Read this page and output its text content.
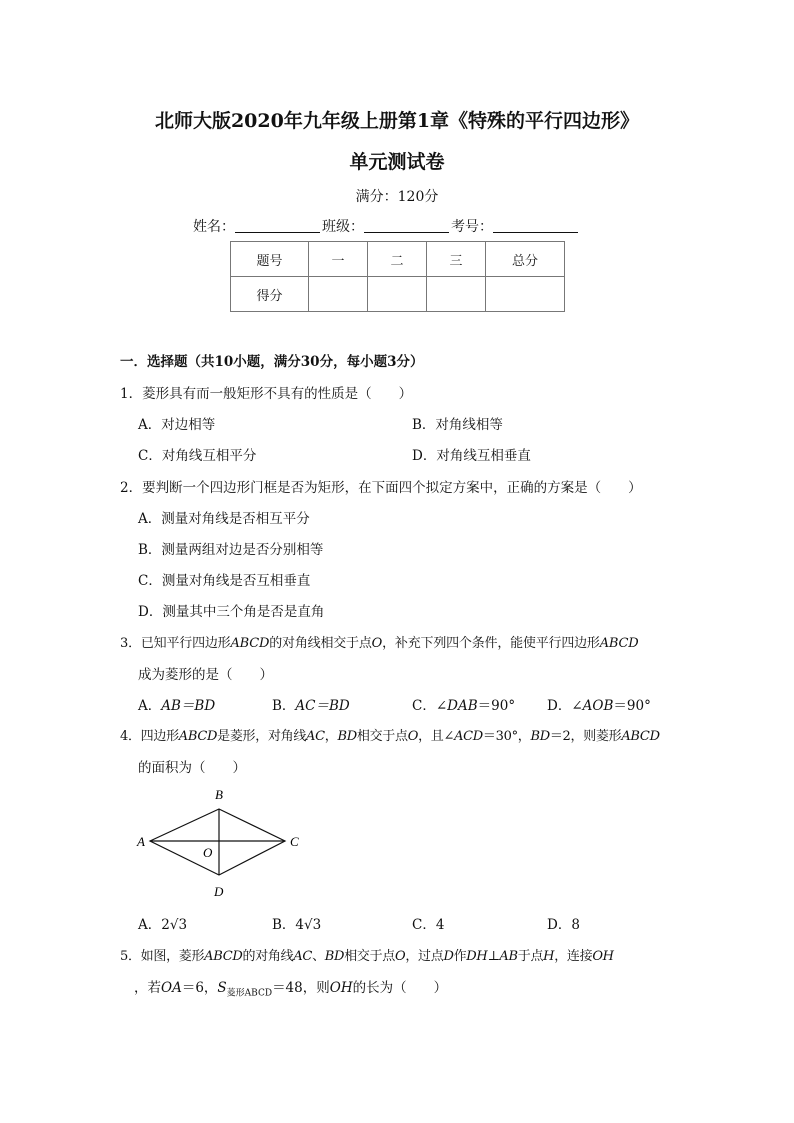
北师大版2020年九年级上册第1章《特殊的平行四边形》
单元测试卷
满分：120分
姓名：	班级：	考号：
题号	一	二	三	总分
得分				
一．选择题（共10小题，满分30分，每小题3分）
1．菱形具有而一般矩形不具有的性质是（　　）
A．对边相等	B．对角线相等
C．对角线互相平分	D．对角线互相垂直
2．要判断一个四边形门框是否为矩形，在下面四个拟定方案中，正确的方案是（　　）
A．测量对角线是否相互平分
B．测量两组对边是否分别相等
C．测量对角线是否互相垂直
D．测量其中三个角是否是直角
3．已知平行四边形ABCD的对角线相交于点O，补充下列四个条件，能使平行四边形ABCD
成为菱形的是（　　）
A．AB＝BD	B．AC＝BD	C．∠DAB＝90° D．∠AOB＝90°
4．四边形ABCD是菱形，对角线AC，BD相交于点O，且∠ACD＝30°，BD＝2，则菱形ABCD
的面积为（　　）
A
B
C
D
O
A．2√3	B．4√3	C．4	D．8
5．如图，菱形ABCD的对角线AC、BD相交于点O，过点D作DH⊥AB于点H，连接OH
，若OA＝6，$S_{菱形ABCD}=48$，则OH的长为（　　）
